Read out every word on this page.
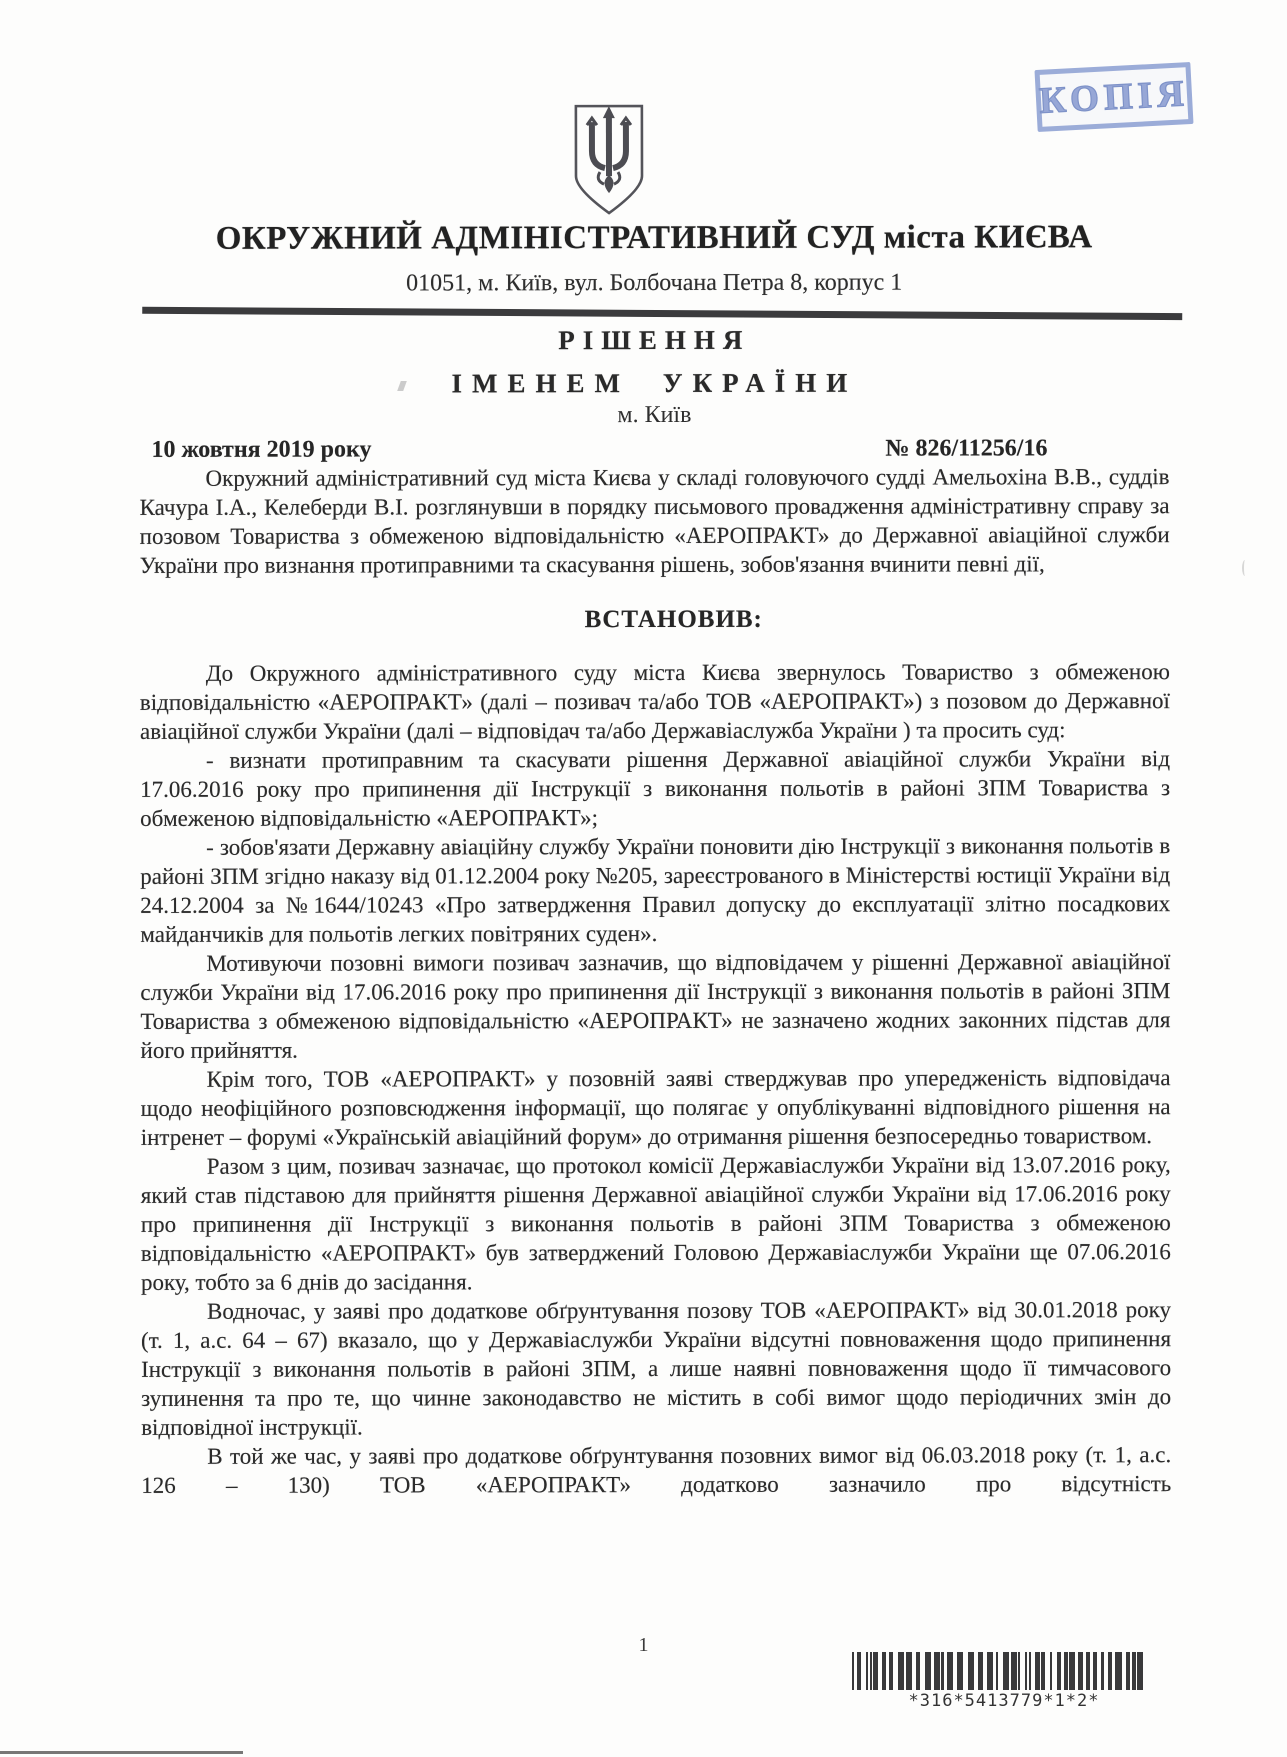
КОПІЯ
ОКРУЖНИЙ АДМІНІСТРАТИВНИЙ СУД міста КИЄВА
01051, м. Київ, вул. Болбочана Петра 8, корпус 1
РІШЕННЯ
ІМЕНЕМ УКРАЇНИ
м. Київ
10 жовтня 2019 року	№ 826/11256/16

Окружний адміністративний суд міста Києва у складі головуючого судді Амельохіна В.В., суддів Качура І.А., Келеберди В.І. розглянувши в порядку письмового провадження адміністративну справу за позовом Товариства з обмеженою відповідальністю «АЕРОПРАКТ» до Державної авіаційної служби України про визнання протиправними та скасування рішень, зобов'язання вчинити певні дії,

ВСТАНОВИВ:

До Окружного адміністративного суду міста Києва звернулось Товариство з обмеженою відповідальністю «АЕРОПРАКТ» (далі – позивач та/або ТОВ «АЕРОПРАКТ») з позовом до Державної авіаційної служби України (далі – відповідач та/або Державіаслужба України ) та просить суд:

- визнати протиправним та скасувати рішення Державної авіаційної служби України від 17.06.2016 року про припинення дії Інструкції з виконання польотів в районі ЗПМ Товариства з обмеженою відповідальністю «АЕРОПРАКТ»;

- зобов'язати Державну авіаційну службу України поновити дію Інструкції з виконання польотів в районі ЗПМ згідно наказу від 01.12.2004 року №205, зареєстрованого в Міністерстві юстиції України від 24.12.2004 за №1644/10243 «Про затвердження Правил допуску до експлуатації злітно посадкових майданчиків для польотів легких повітряних суден».

Мотивуючи позовні вимоги позивач зазначив, що відповідачем у рішенні Державної авіаційної служби України від 17.06.2016 року про припинення дії Інструкції з виконання польотів в районі ЗПМ Товариства з обмеженою відповідальністю «АЕРОПРАКТ» не зазначено жодних законних підстав для його прийняття.

Крім того, ТОВ «АЕРОПРАКТ» у позовній заяві стверджував про упередженість відповідача щодо неофіційного розповсюдження інформації, що полягає у опублікуванні відповідного рішення на інтренет – форумі «Українській авіаційний форум» до отримання рішення безпосередньо товариством.

Разом з цим, позивач зазначає, що протокол комісії Державіаслужби України від 13.07.2016 року, який став підставою для прийняття рішення Державної авіаційної служби України від 17.06.2016 року про припинення дії Інструкції з виконання польотів в районі ЗПМ Товариства з обмеженою відповідальністю «АЕРОПРАКТ» був затверджений Головою Державіаслужби України ще 07.06.2016 року, тобто за 6 днів до засідання.

Водночас, у заяві про додаткове обґрунтування позову ТОВ «АЕРОПРАКТ» від 30.01.2018 року (т. 1, а.с. 64 – 67) вказало, що у Державіаслужби України відсутні повноваження щодо припинення Інструкції з виконання польотів в районі ЗПМ, а лише наявні повноваження щодо її тимчасового зупинення та про те, що чинне законодавство не містить в собі вимог щодо періодичних змін до відповідної інструкції.

В той же час, у заяві про додаткове обґрунтування позовних вимог від 06.03.2018 року (т. 1, а.с. 126 – 130) ТОВ «АЕРОПРАКТ» додатково зазначило про відсутність

1
*316*5413779*1*2*
